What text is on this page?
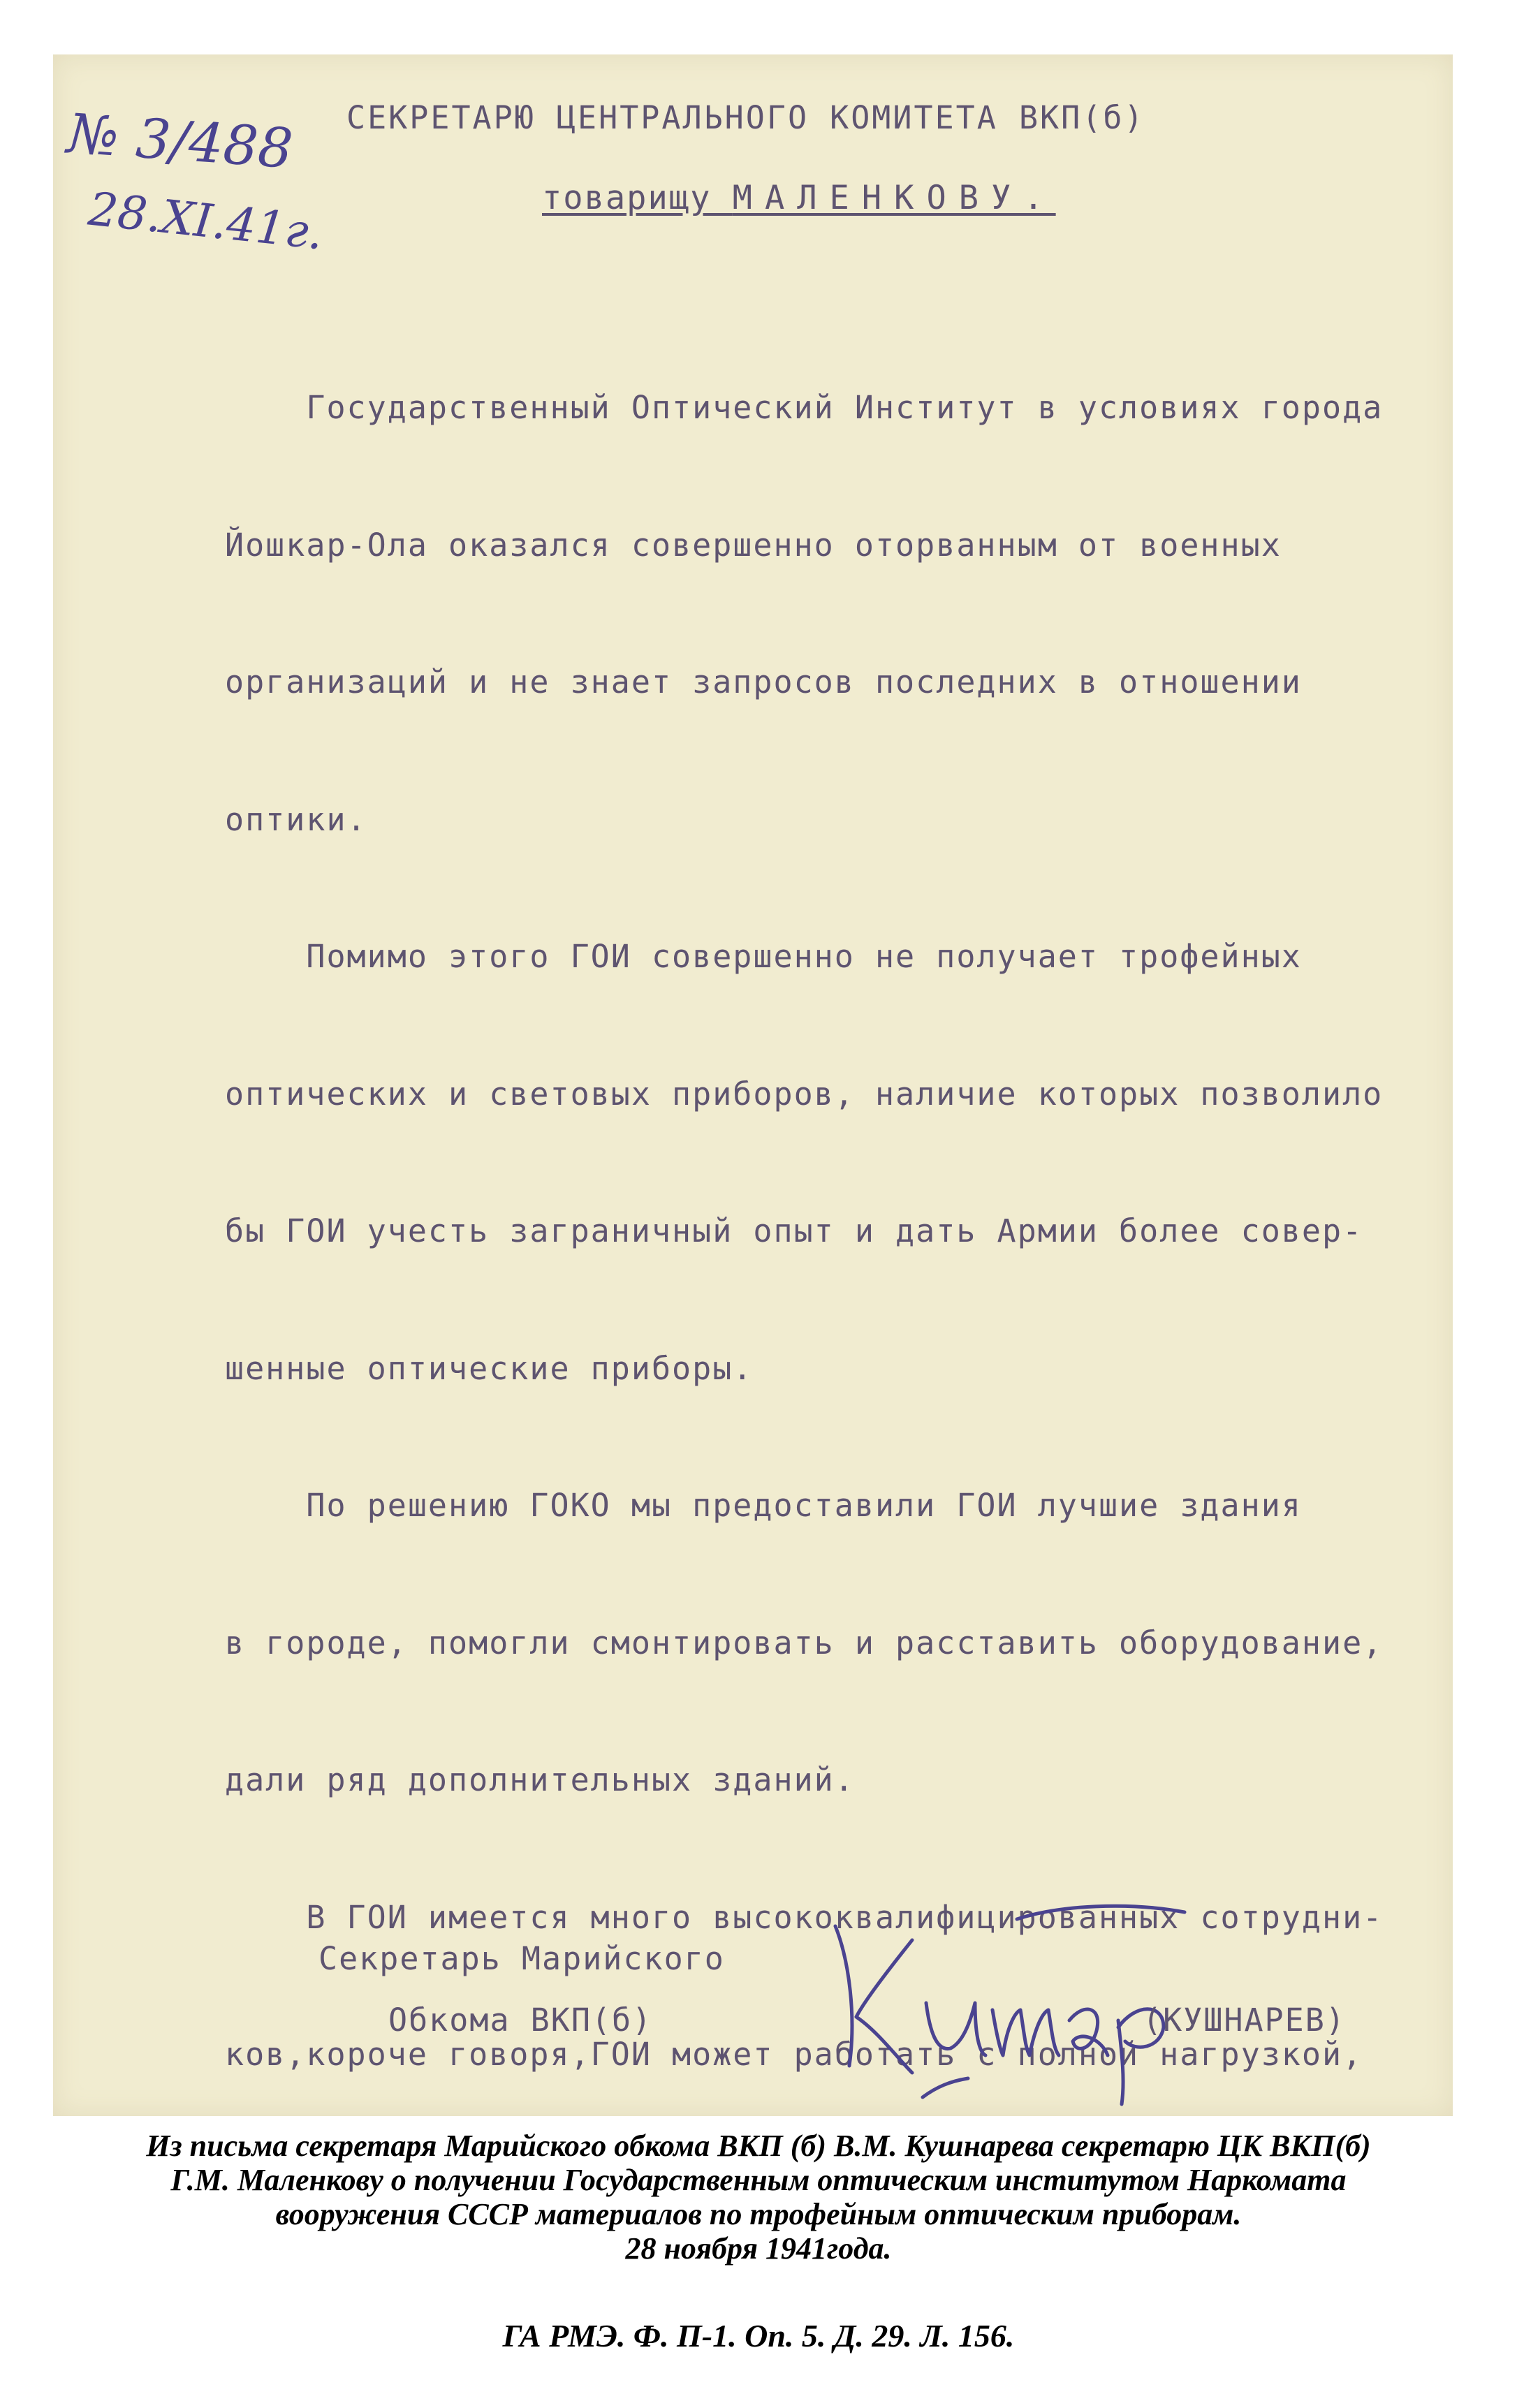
№ 3/488
28.XI.41г.
СЕКРЕТАРЮ ЦЕНТРАЛЬНОГО КОМИТЕТА ВКП(б)
товарищу МАЛЕНКОВУ.

Государственный Оптический Институт в условиях города

Йошкар-Ола оказался совершенно оторванным от военных

организаций и не знает запросов последних в отношении

оптики.

Помимо этого ГОИ совершенно не получает трофейных

оптических и световых приборов, наличие которых позволило

бы ГОИ учесть заграничный опыт и дать Армии более совер-

шенные оптические приборы.

По решению ГОКО мы предоставили ГОИ лучшие здания

в городе, помогли смонтировать и расставить оборудование,

дали ряд дополнительных зданий.

В ГОИ имеется много высококвалифицированных сотрудни-

ков,короче говоря,ГОИ может работать с полной нагрузкой,

Секретарь Марийского
Обкома ВКП(б)	(КУШНАРЕВ)
Из письма секретаря Марийского обкома ВКП (б) В.М. Кушнарева секретарю ЦК ВКП(б)
Г.М. Маленкову о получении Государственным оптическим институтом Наркомата
вооружения СССР материалов по трофейным оптическим приборам.
28 ноября 1941года.
ГА РМЭ. Ф. П-1. Оп. 5. Д. 29. Л. 156.
